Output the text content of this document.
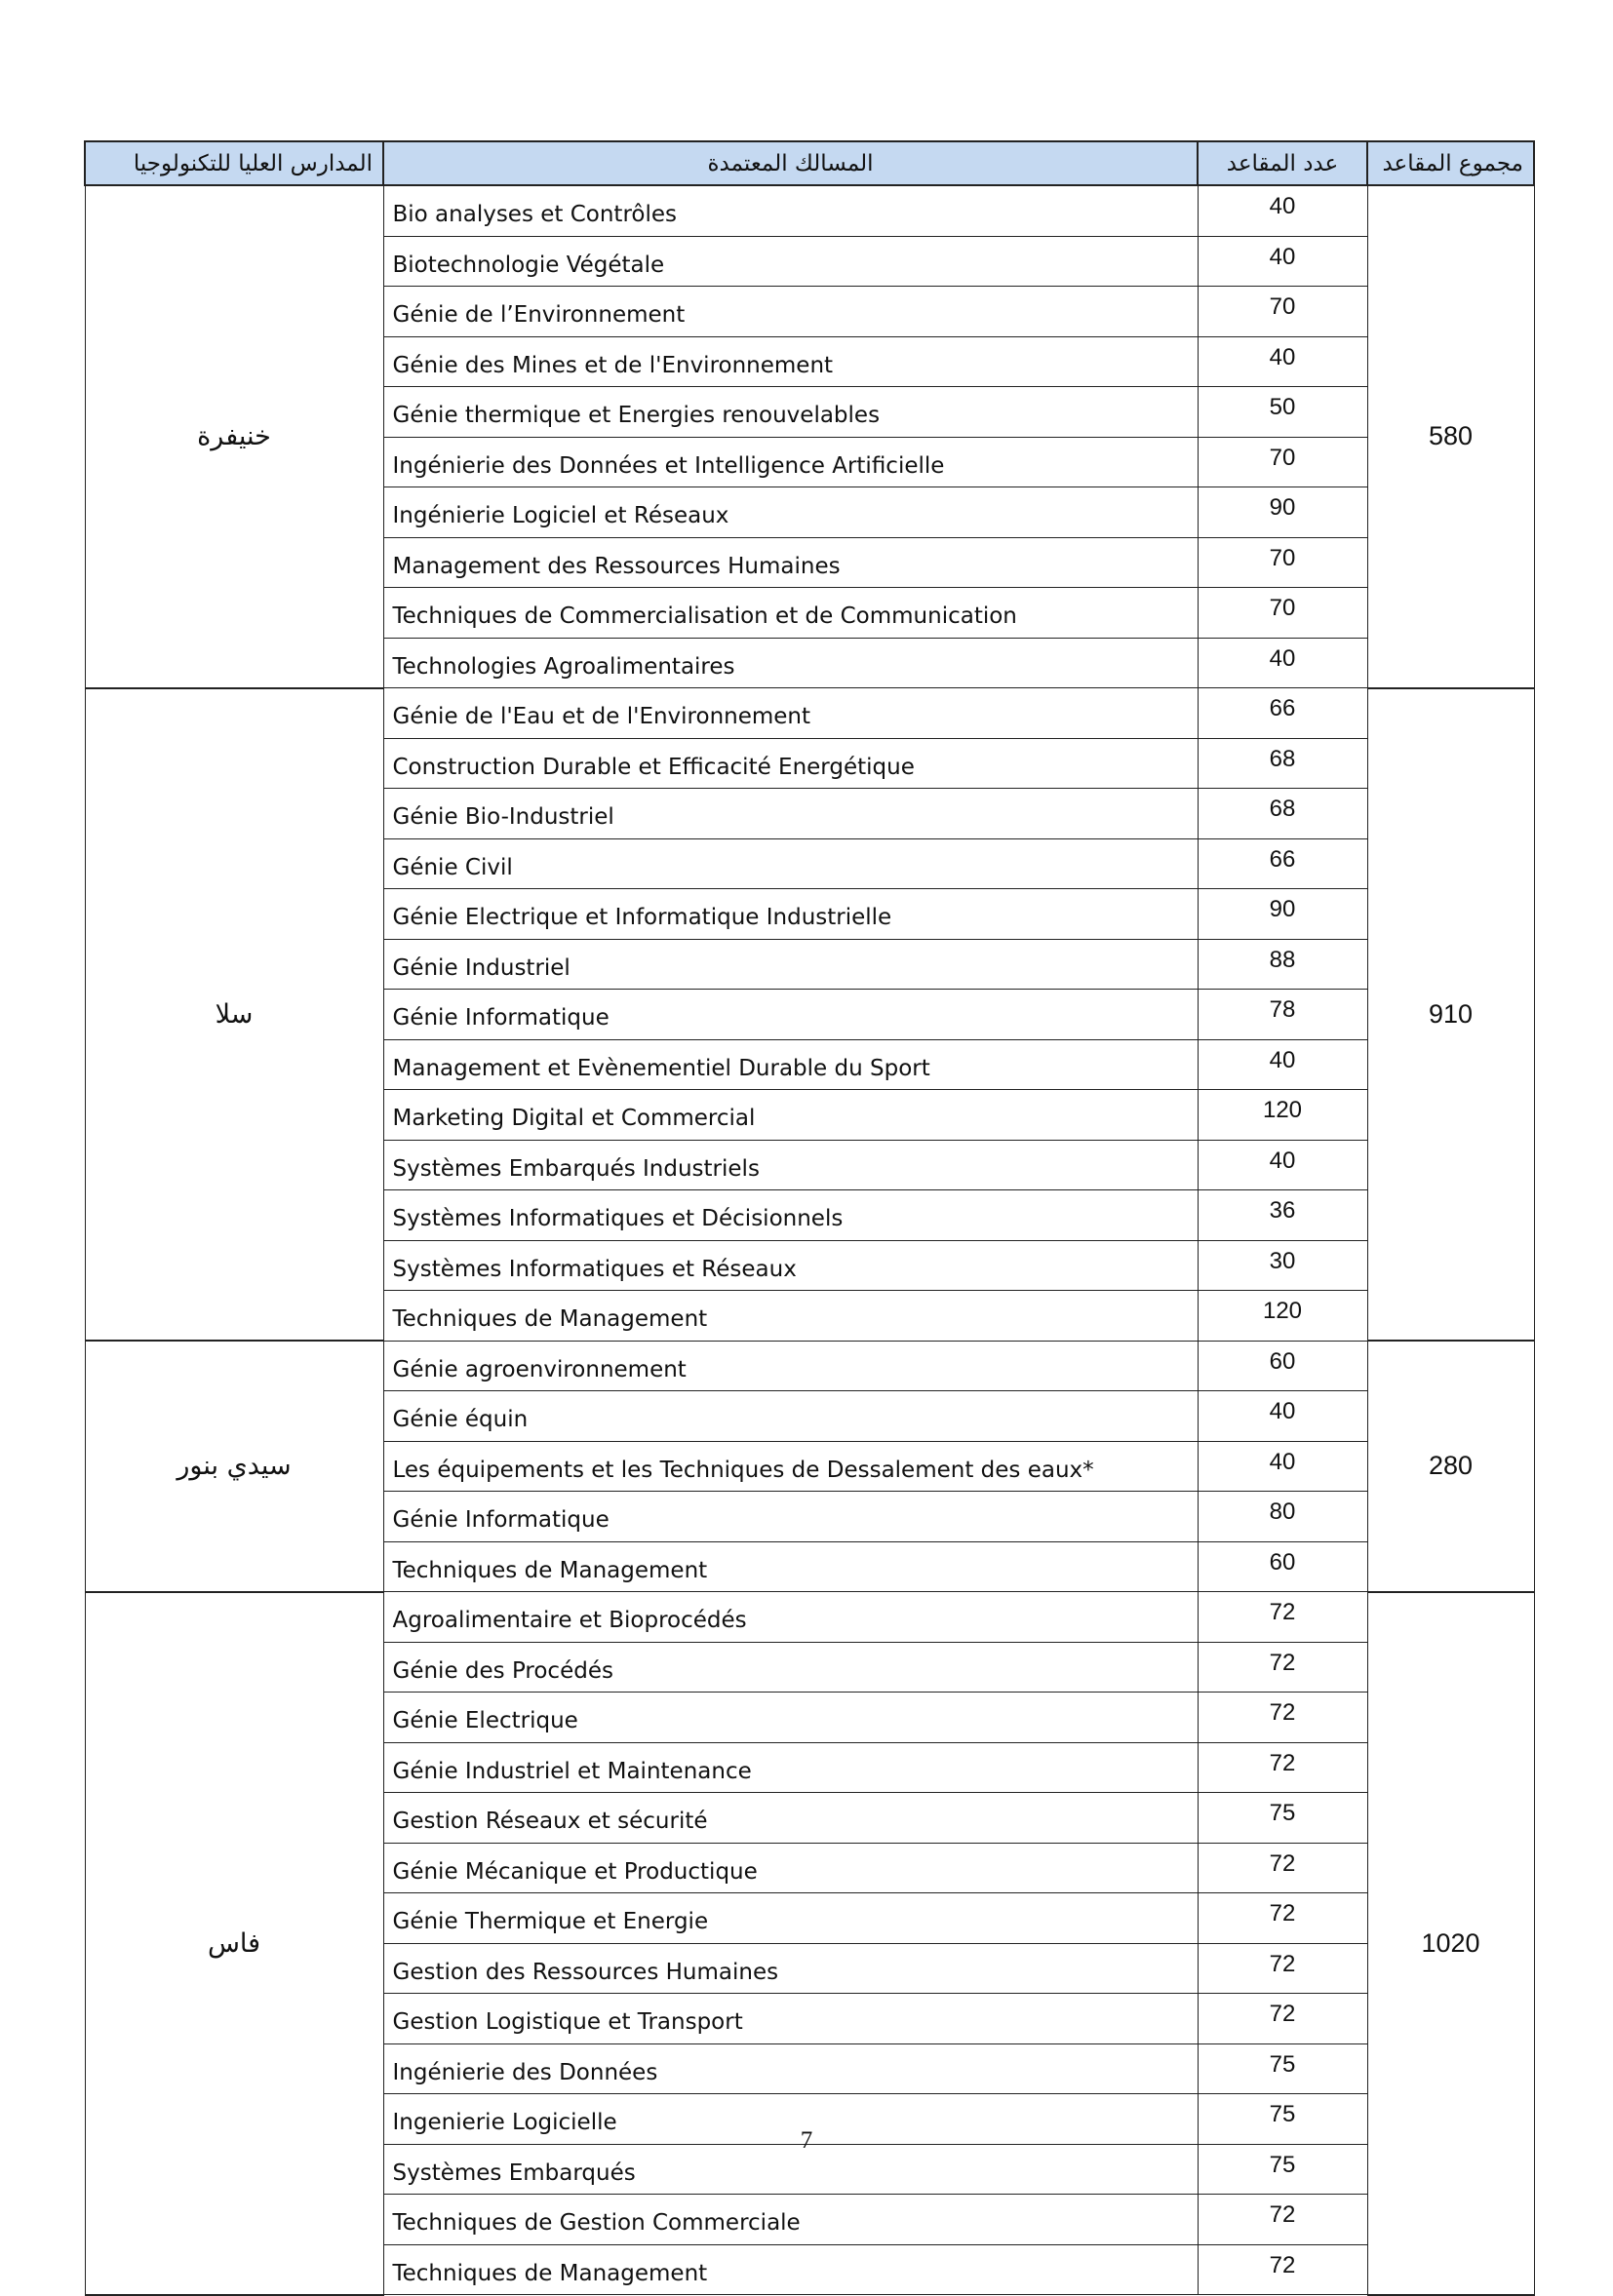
المدارس العليا للتكنولوجيا	المسالك المعتمدة	عدد المقاعد	مجموع المقاعد
خنيفرة	Bio analyses et Contrôles	40	580
	Biotechnologie Végétale	40	
	Génie de l’Environnement	70	
	Génie des Mines et de l'Environnement	40	
	Génie thermique et Energies renouvelables	50	
	Ingénierie des Données et Intelligence Artificielle	70	
	Ingénierie Logiciel et Réseaux	90	
	Management des Ressources Humaines	70	
	Techniques de Commercialisation et de Communication	70	
	Technologies Agroalimentaires	40	
سلا	Génie de l'Eau et de l'Environnement	66	910
	Construction Durable et Efficacité Energétique	68	
	Génie Bio-Industriel	68	
	Génie Civil	66	
	Génie Electrique et Informatique Industrielle	90	
	Génie Industriel	88	
	Génie Informatique	78	
	Management et Evènementiel Durable du Sport	40	
	Marketing Digital et Commercial	120	
	Systèmes Embarqués Industriels	40	
	Systèmes Informatiques et Décisionnels	36	
	Systèmes Informatiques et Réseaux	30	
	Techniques de Management	120	
سيدي بنور	Génie agroenvironnement	60	280
	Génie équin	40	
	Les équipements et les Techniques de Dessalement des eaux*	40	
	Génie Informatique	80	
	Techniques de Management	60	
فاس	Agroalimentaire et Bioprocédés	72	1020
	Génie des Procédés	72	
	Génie Electrique	72	
	Génie Industriel et Maintenance	72	
	Gestion Réseaux et sécurité	75	
	Génie Mécanique et Productique	72	
	Génie Thermique et Energie	72	
	Gestion des Ressources Humaines	72	
	Gestion Logistique et Transport	72	
	Ingénierie des Données	75	
	Ingenierie Logicielle	75	
	Systèmes Embarqués	75	
	Techniques de Gestion Commerciale	72	
	Techniques de Management	72	
7
